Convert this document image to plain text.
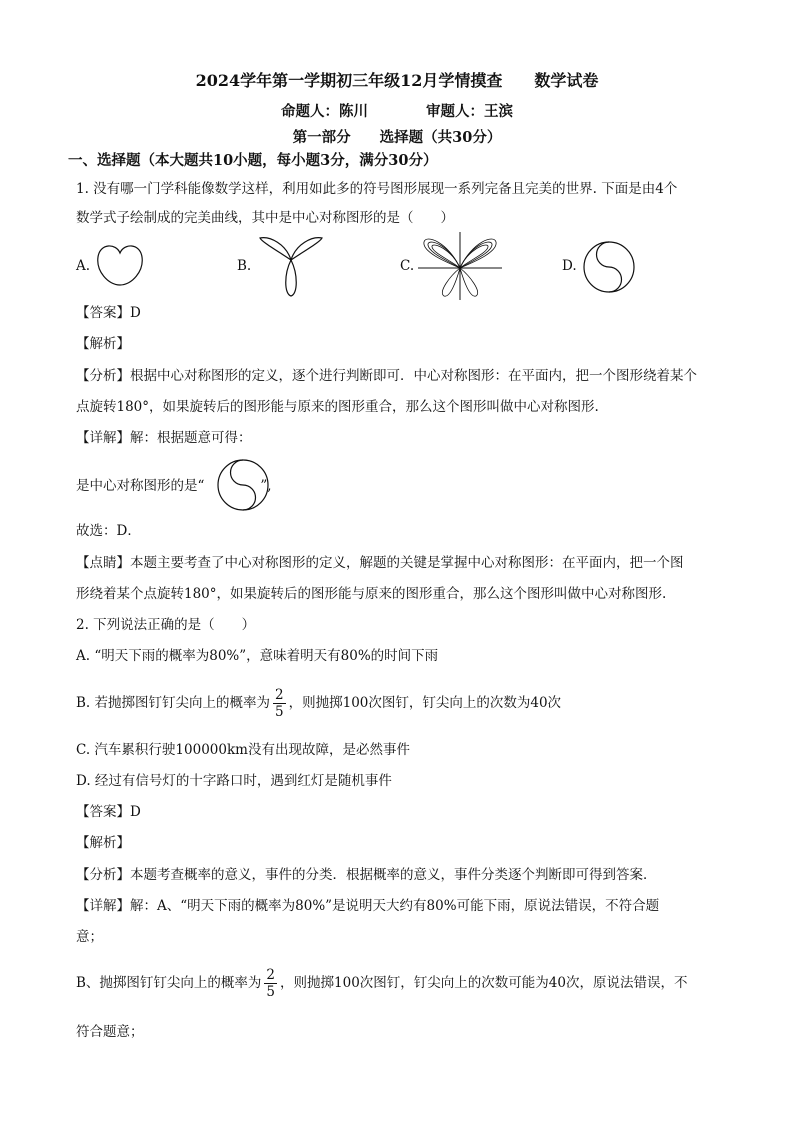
2024学年第一学期初三年级12月学情摸查　　数学试卷
命题人：陈川　　　　审题人：王滨
第一部分　　选择题（共30分）
一、选择题（本大题共10小题，每小题3分，满分30分）
1. 没有哪一门学科能像数学这样，利用如此多的符号图形展现一系列完备且完美的世界. 下面是由4个
数学式子绘制成的完美曲线，其中是中心对称图形的是（　　）
A.	B.	C.	D.
【答案】D
【解析】
【分析】根据中心对称图形的定义，逐个进行判断即可．中心对称图形：在平面内，把一个图形绕着某个
点旋转180°，如果旋转后的图形能与原来的图形重合，那么这个图形叫做中心对称图形.
【详解】解：根据题意可得：
是中心对称图形的是“	”,
故选：D．
【点睛】本题主要考查了中心对称图形的定义，解题的关键是掌握中心对称图形：在平面内，把一个图
形绕着某个点旋转180°，如果旋转后的图形能与原来的图形重合，那么这个图形叫做中心对称图形.
2. 下列说法正确的是（　　）
A. “明天下雨的概率为80%”，意味着明天有80%的时间下雨
B. 若抛掷图钉钉尖向上的概率为 $\frac{2}{5}$ ，则抛掷100次图钉，钉尖向上的次数为40次
C. 汽车累积行驶100000km没有出现故障，是必然事件
D. 经过有信号灯的十字路口时，遇到红灯是随机事件
【答案】D
【解析】
【分析】本题考查概率的意义，事件的分类．根据概率的意义，事件分类逐个判断即可得到答案．
【详解】解：A、“明天下雨的概率为80%”是说明天大约有80%可能下雨，原说法错误，不符合题
意；
B、抛掷图钉钉尖向上的概率为 $\frac{2}{5}$ ，则抛掷100次图钉，钉尖向上的次数可能为40次，原说法错误，不
符合题意；
